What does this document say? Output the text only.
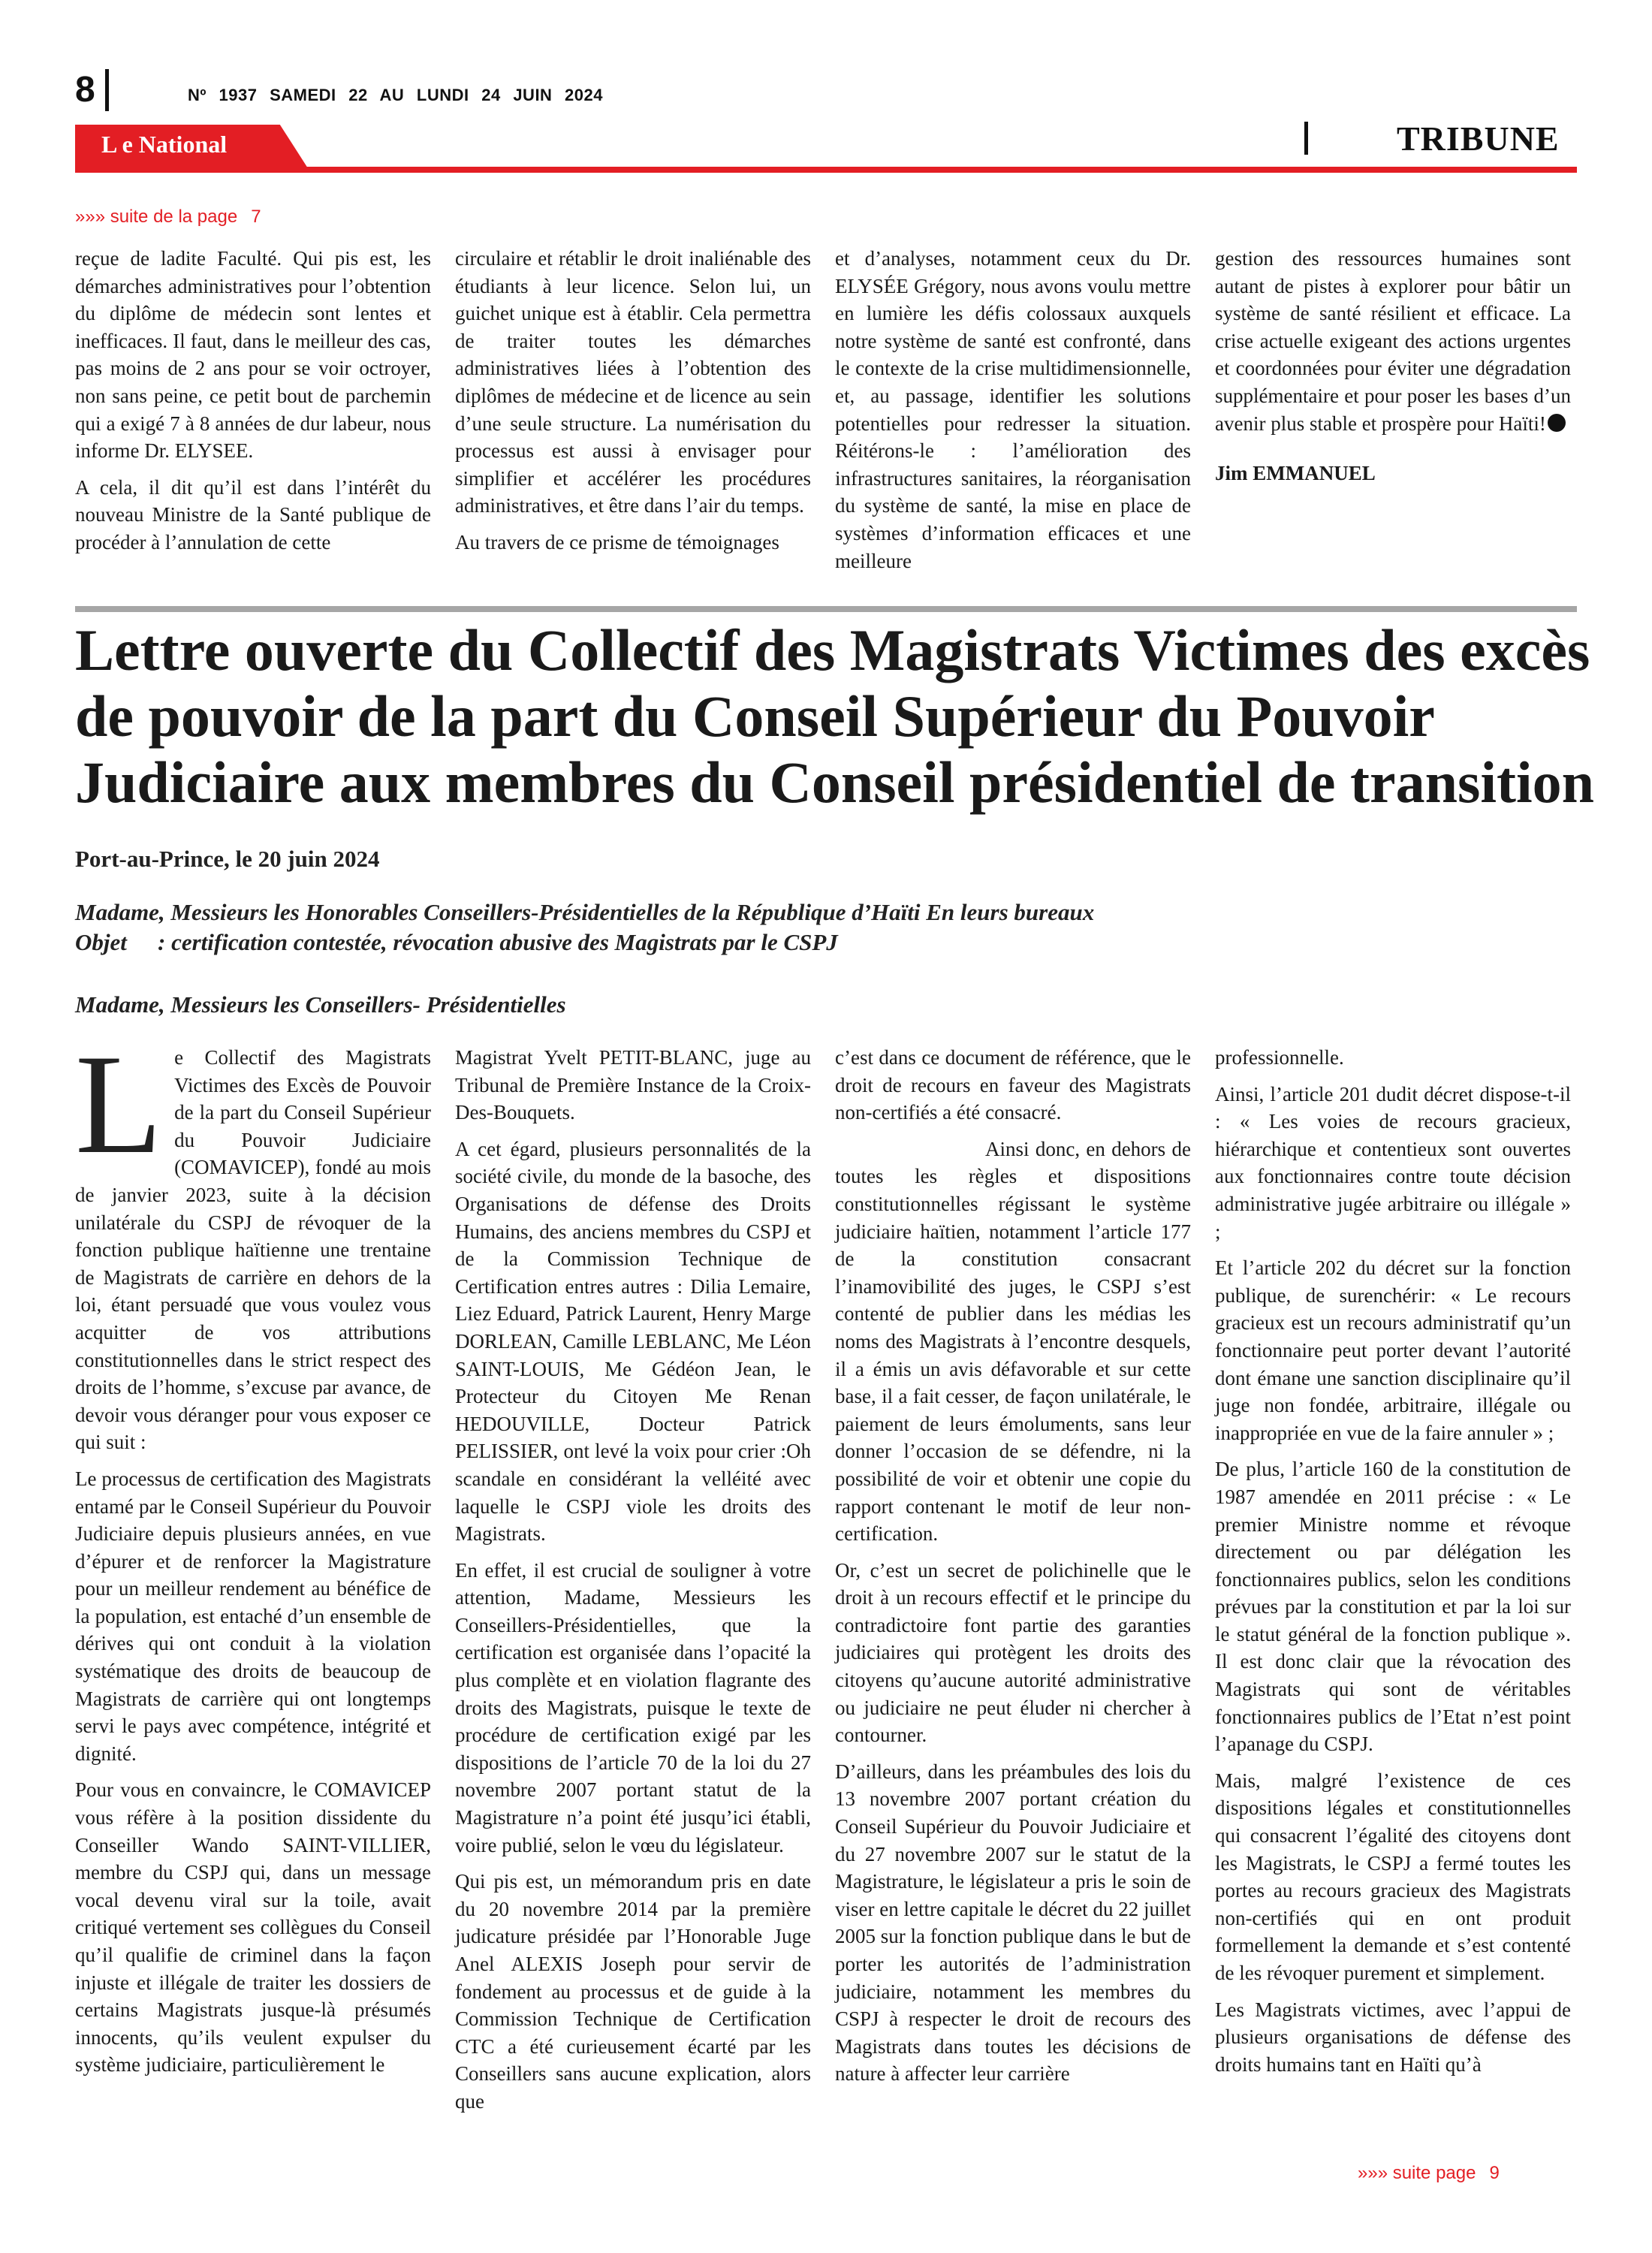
8	Nº 1937 SAMEDI 22 AU LUNDI 24 JUIN 2024
L e National	TRIBUNE
»»» suite de la page 7

reçue de ladite Faculté. Qui pis est, les démarches administratives pour l’obtention du diplôme de médecin sont lentes et inefficaces. Il faut, dans le meilleur des cas, pas moins de 2 ans pour se voir octroyer, non sans peine, ce petit bout de parchemin qui a exigé 7 à 8 années de dur labeur, nous informe Dr. ELYSEE.

A cela, il dit qu’il est dans l’intérêt du nouveau Ministre de la Santé publique de procéder à l’annulation de cette

circulaire et rétablir le droit inaliénable des étudiants à leur licence. Selon lui, un guichet unique est à établir. Cela permettra de traiter toutes les démarches administratives liées à l’obtention des diplômes de médecine et de licence au sein d’une seule structure. La numérisation du processus est aussi à envisager pour simplifier et accélérer les procédures administratives, et être dans l’air du temps.

Au travers de ce prisme de témoignages

et d’analyses, notamment ceux du Dr. ELYSÉE Grégory, nous avons voulu mettre en lumière les défis colossaux auxquels notre système de santé est confronté, dans le contexte de la crise multidimensionnelle, et, au passage, identifier les solutions potentielles pour redresser la situation. Réitérons-le : l’amélioration des infrastructures sanitaires, la réorganisation du système de santé, la mise en place de systèmes d’information efficaces et une meilleure

gestion des ressources humaines sont autant de pistes à explorer pour bâtir un système de santé résilient et efficace. La crise actuelle exigeant des actions urgentes et coordonnées pour éviter une dégradation supplémentaire et pour poser les bases d’un avenir plus stable et prospère pour Haïti!

Jim EMMANUEL

Lettre ouverte du Collectif des Magistrats Victimes des excès de pouvoir de la part du Conseil Supérieur du Pouvoir Judiciaire aux membres du Conseil présidentiel de transition
Port-au-Prince, le 20 juin 2024
Madame, Messieurs les Honorables Conseillers-Présidentielles de la République d’Haïti En leurs bureaux
Objet : certification contestée, révocation abusive des Magistrats par le CSPJ
Madame, Messieurs les Conseillers- Présidentielles

Le Collectif des Magistrats Victimes des Excès de Pouvoir de la part du Conseil Supérieur du Pouvoir Judiciaire (COMAVICEP), fondé au mois de janvier 2023, suite à la décision unilatérale du CSPJ de révoquer de la fonction publique haïtienne une trentaine de Magistrats de carrière en dehors de la loi, étant persuadé que vous voulez vous acquitter de vos attributions constitutionnelles dans le strict respect des droits de l’homme, s’excuse par avance, de devoir vous déranger pour vous exposer ce qui suit :

Le processus de certification des Magistrats entamé par le Conseil Supérieur du Pouvoir Judiciaire depuis plusieurs années, en vue d’épurer et de renforcer la Magistrature pour un meilleur rendement au bénéfice de la population, est entaché d’un ensemble de dérives qui ont conduit à la violation systématique des droits de beaucoup de Magistrats de carrière qui ont longtemps servi le pays avec compétence, intégrité et dignité.

Pour vous en convaincre, le COMAVICEP vous réfère à la position dissidente du Conseiller Wando SAINT-VILLIER, membre du CSPJ qui, dans un message vocal devenu viral sur la toile, avait critiqué vertement ses collègues du Conseil qu’il qualifie de criminel dans la façon injuste et illégale de traiter les dossiers de certains Magistrats jusque-là présumés innocents, qu’ils veulent expulser du système judiciaire, particulièrement le

Magistrat Yvelt PETIT-BLANC, juge au Tribunal de Première Instance de la Croix-Des-Bouquets.

A cet égard, plusieurs personnalités de la société civile, du monde de la basoche, des Organisations de défense des Droits Humains, des anciens membres du CSPJ et de la Commission Technique de Certification entres autres : Dilia Lemaire, Liez Eduard, Patrick Laurent, Henry Marge DORLEAN, Camille LEBLANC, Me Léon SAINT-LOUIS, Me Gédéon Jean, le Protecteur du Citoyen Me Renan HEDOUVILLE, Docteur Patrick PELISSIER, ont levé la voix pour crier :Oh scandale en considérant la velléité avec laquelle le CSPJ viole les droits des Magistrats.

En effet, il est crucial de souligner à votre attention, Madame, Messieurs les Conseillers-Présidentielles, que la certification est organisée dans l’opacité la plus complète et en violation flagrante des droits des Magistrats, puisque le texte de procédure de certification exigé par les dispositions de l’article 70 de la loi du 27 novembre 2007 portant statut de la Magistrature n’a point été jusqu’ici établi, voire publié, selon le vœu du législateur.

Qui pis est, un mémorandum pris en date du 20 novembre 2014 par la première judicature présidée par l’Honorable Juge Anel ALEXIS Joseph pour servir de fondement au processus et de guide à la Commission Technique de Certification CTC a été curieusement écarté par les Conseillers sans aucune explication, alors que

c’est dans ce document de référence, que le droit de recours en faveur des Magistrats non-certifiés a été consacré.

Ainsi donc, en dehors de toutes les règles et dispositions constitutionnelles régissant le système judiciaire haïtien, notamment l’article 177 de la constitution consacrant l’inamovibilité des juges, le CSPJ s’est contenté de publier dans les médias les noms des Magistrats à l’encontre desquels, il a émis un avis défavorable et sur cette base, il a fait cesser, de façon unilatérale, le paiement de leurs émoluments, sans leur donner l’occasion de se défendre, ni la possibilité de voir et obtenir une copie du rapport contenant le motif de leur non-certification.

Or, c’est un secret de polichinelle que le droit à un recours effectif et le principe du contradictoire font partie des garanties judiciaires qui protègent les droits des citoyens qu’aucune autorité administrative ou judiciaire ne peut éluder ni chercher à contourner.

D’ailleurs, dans les préambules des lois du 13 novembre 2007 portant création du Conseil Supérieur du Pouvoir Judiciaire et du 27 novembre 2007 sur le statut de la Magistrature, le législateur a pris le soin de viser en lettre capitale le décret du 22 juillet 2005 sur la fonction publique dans le but de porter les autorités de l’administration judiciaire, notamment les membres du CSPJ à respecter le droit de recours des Magistrats dans toutes les décisions de nature à affecter leur carrière

professionnelle.

Ainsi, l’article 201 dudit décret dispose-t-il : « Les voies de recours gracieux, hiérarchique et contentieux sont ouvertes aux fonctionnaires contre toute décision administrative jugée arbitraire ou illégale » ;

Et l’article 202 du décret sur la fonction publique, de surenchérir: « Le recours gracieux est un recours administratif qu’un fonctionnaire peut porter devant l’autorité dont émane une sanction disciplinaire qu’il juge non fondée, arbitraire, illégale ou inappropriée en vue de la faire annuler » ;

De plus, l’article 160 de la constitution de 1987 amendée en 2011 précise : « Le premier Ministre nomme et révoque directement ou par délégation les fonctionnaires publics, selon les conditions prévues par la constitution et par la loi sur le statut général de la fonction publique ». Il est donc clair que la révocation des Magistrats qui sont de véritables fonctionnaires publics de l’Etat n’est point l’apanage du CSPJ.

Mais, malgré l’existence de ces dispositions légales et constitutionnelles qui consacrent l’égalité des citoyens dont les Magistrats, le CSPJ a fermé toutes les portes au recours gracieux des Magistrats non-certifiés qui en ont produit formellement la demande et s’est contenté de les révoquer purement et simplement.

Les Magistrats victimes, avec l’appui de plusieurs organisations de défense des droits humains tant en Haïti qu’à

»»» suite page 9
